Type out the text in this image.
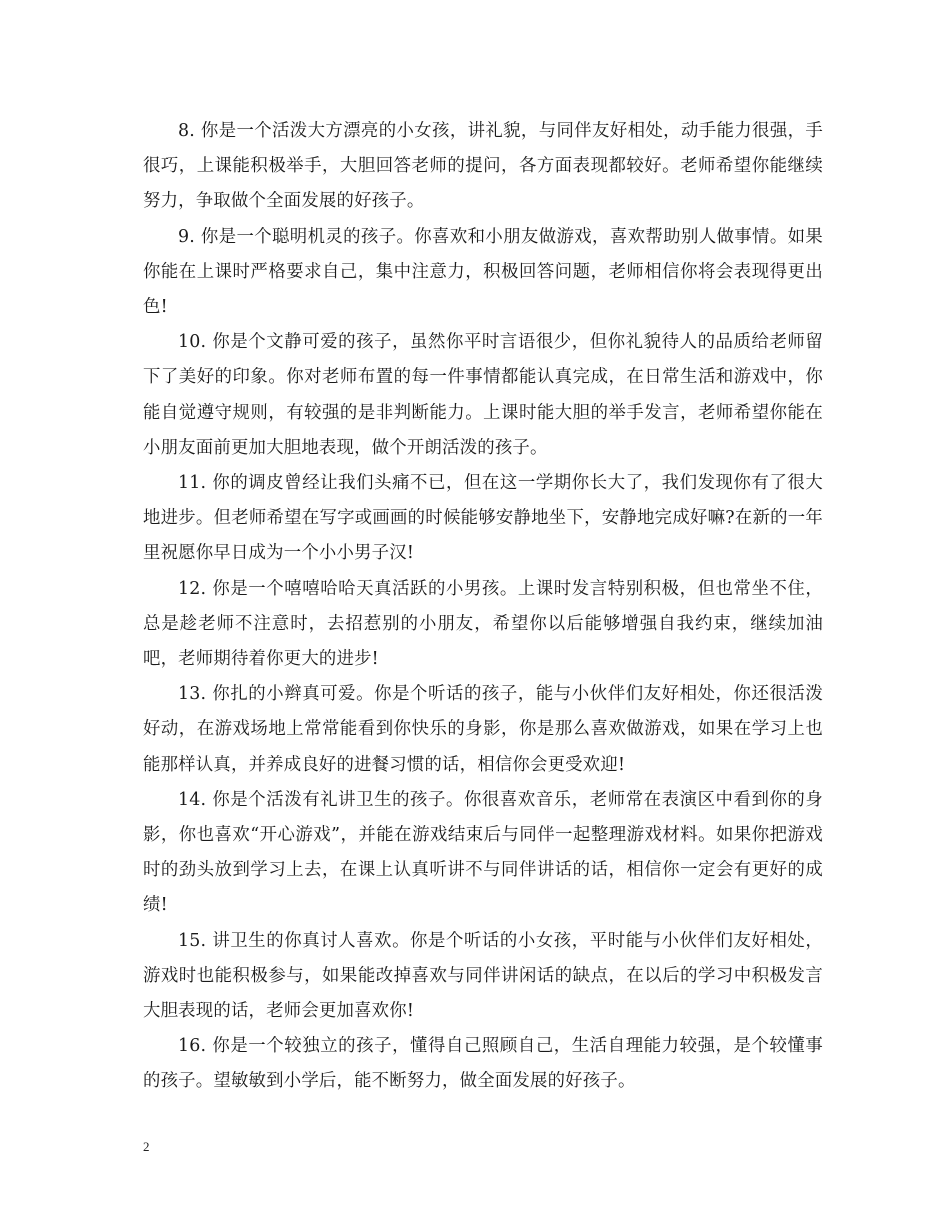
8. 你是一个活泼大方漂亮的小女孩，讲礼貌，与同伴友好相处，动手能力很强，手很巧，上课能积极举手，大胆回答老师的提问，各方面表现都较好。老师希望你能继续努力，争取做个全面发展的好孩子。

9. 你是一个聪明机灵的孩子。你喜欢和小朋友做游戏，喜欢帮助别人做事情。如果你能在上课时严格要求自己，集中注意力，积极回答问题，老师相信你将会表现得更出色!

10. 你是个文静可爱的孩子，虽然你平时言语很少，但你礼貌待人的品质给老师留下了美好的印象。你对老师布置的每一件事情都能认真完成，在日常生活和游戏中，你能自觉遵守规则，有较强的是非判断能力。上课时能大胆的举手发言，老师希望你能在小朋友面前更加大胆地表现，做个开朗活泼的孩子。

11. 你的调皮曾经让我们头痛不已，但在这一学期你长大了，我们发现你有了很大地进步。但老师希望在写字或画画的时候能够安静地坐下，安静地完成好嘛?在新的一年里祝愿你早日成为一个小小男子汉!

12. 你是一个嘻嘻哈哈天真活跃的小男孩。上课时发言特别积极，但也常坐不住，总是趁老师不注意时，去招惹别的小朋友，希望你以后能够增强自我约束，继续加油吧，老师期待着你更大的进步!

13. 你扎的小辫真可爱。你是个听话的孩子，能与小伙伴们友好相处，你还很活泼好动，在游戏场地上常常能看到你快乐的身影，你是那么喜欢做游戏，如果在学习上也能那样认真，并养成良好的进餐习惯的话，相信你会更受欢迎!

14. 你是个活泼有礼讲卫生的孩子。你很喜欢音乐，老师常在表演区中看到你的身影，你也喜欢“开心游戏”，并能在游戏结束后与同伴一起整理游戏材料。如果你把游戏时的劲头放到学习上去，在课上认真听讲不与同伴讲话的话，相信你一定会有更好的成绩!

15. 讲卫生的你真讨人喜欢。你是个听话的小女孩，平时能与小伙伴们友好相处，游戏时也能积极参与，如果能改掉喜欢与同伴讲闲话的缺点，在以后的学习中积极发言大胆表现的话，老师会更加喜欢你!

16. 你是一个较独立的孩子，懂得自己照顾自己，生活自理能力较强，是个较懂事的孩子。望敏敏到小学后，能不断努力，做全面发展的好孩子。

2
